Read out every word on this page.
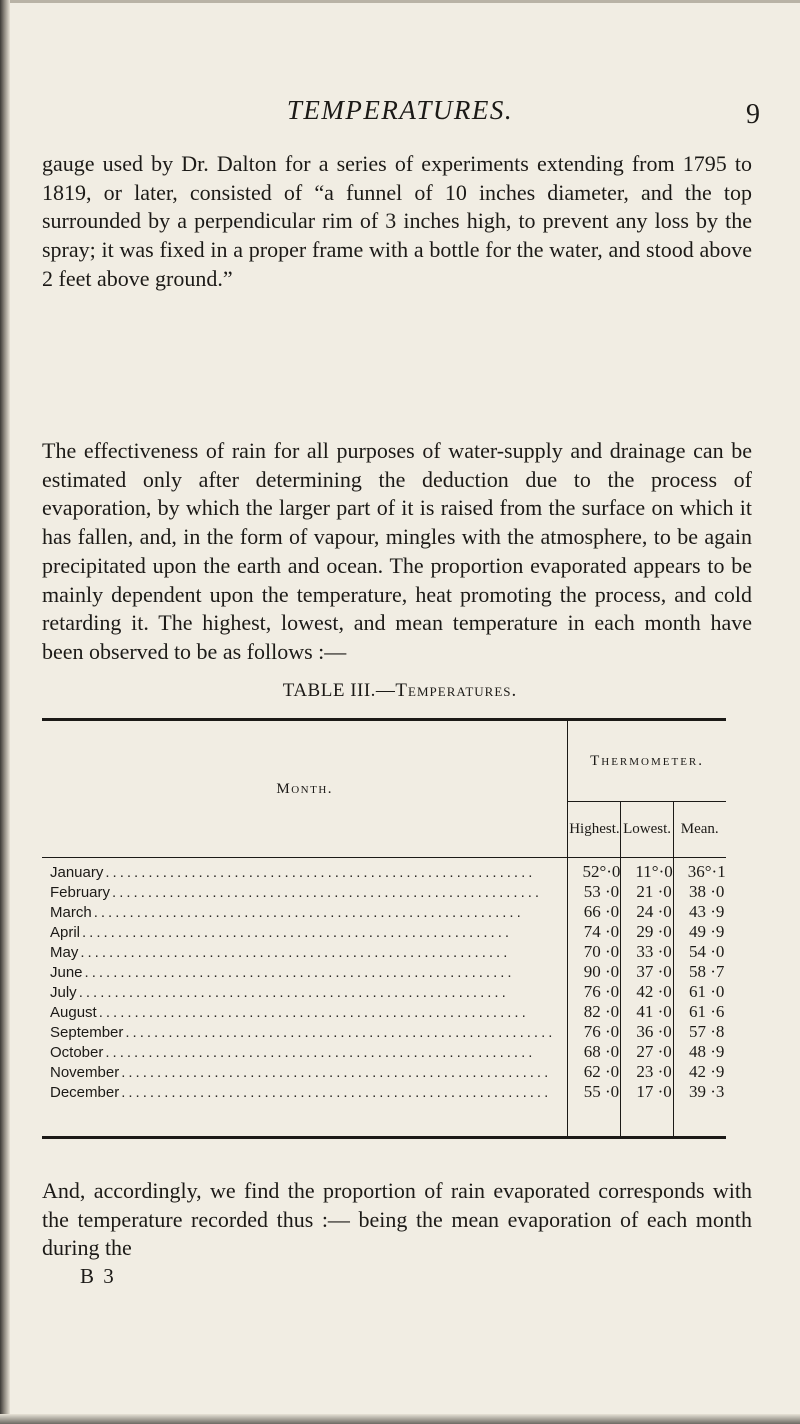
TEMPERATURES.	9

gauge used by Dr. Dalton for a series of experiments extending from 1795 to 1819, or later, consisted of “a funnel of 10 inches diameter, and the top surrounded by a perpendicular rim of 3 inches high, to prevent any loss by the spray; it was fixed in a proper frame with a bottle for the water, and stood above 2 feet above ground.”

The effectiveness of rain for all purposes of water-supply and drainage can be estimated only after determining the deduction due to the process of evaporation, by which the larger part of it is raised from the surface on which it has fallen, and, in the form of vapour, mingles with the atmosphere, to be again precipitated upon the earth and ocean. The proportion evaporated appears to be mainly dependent upon the temperature, heat promoting the process, and cold retarding it. The highest, lowest, and mean temperature in each month have been observed to be as follows :—

TABLE III.—Temperatures.
Month.	Thermometer.		
	Highest.	Lowest.	Mean.
January ............................................................	52°·0	11°·0	36°·1
February ............................................................	53 ·0	21 ·0	38 ·0
March ............................................................	66 ·0	24 ·0	43 ·9
April ............................................................	74 ·0	29 ·0	49 ·9
May ............................................................	70 ·0	33 ·0	54 ·0
June ............................................................	90 ·0	37 ·0	58 ·7
July ............................................................	76 ·0	42 ·0	61 ·0
August ............................................................	82 ·0	41 ·0	61 ·6
September ............................................................	76 ·0	36 ·0	57 ·8
October ............................................................	68 ·0	27 ·0	48 ·9
November ............................................................	62 ·0	23 ·0	42 ·9
December ............................................................	55 ·0	17 ·0	39 ·3

And, accordingly, we find the proportion of rain evaporated corresponds with the temperature recorded thus :— being the mean evaporation of each month during the

B 3
